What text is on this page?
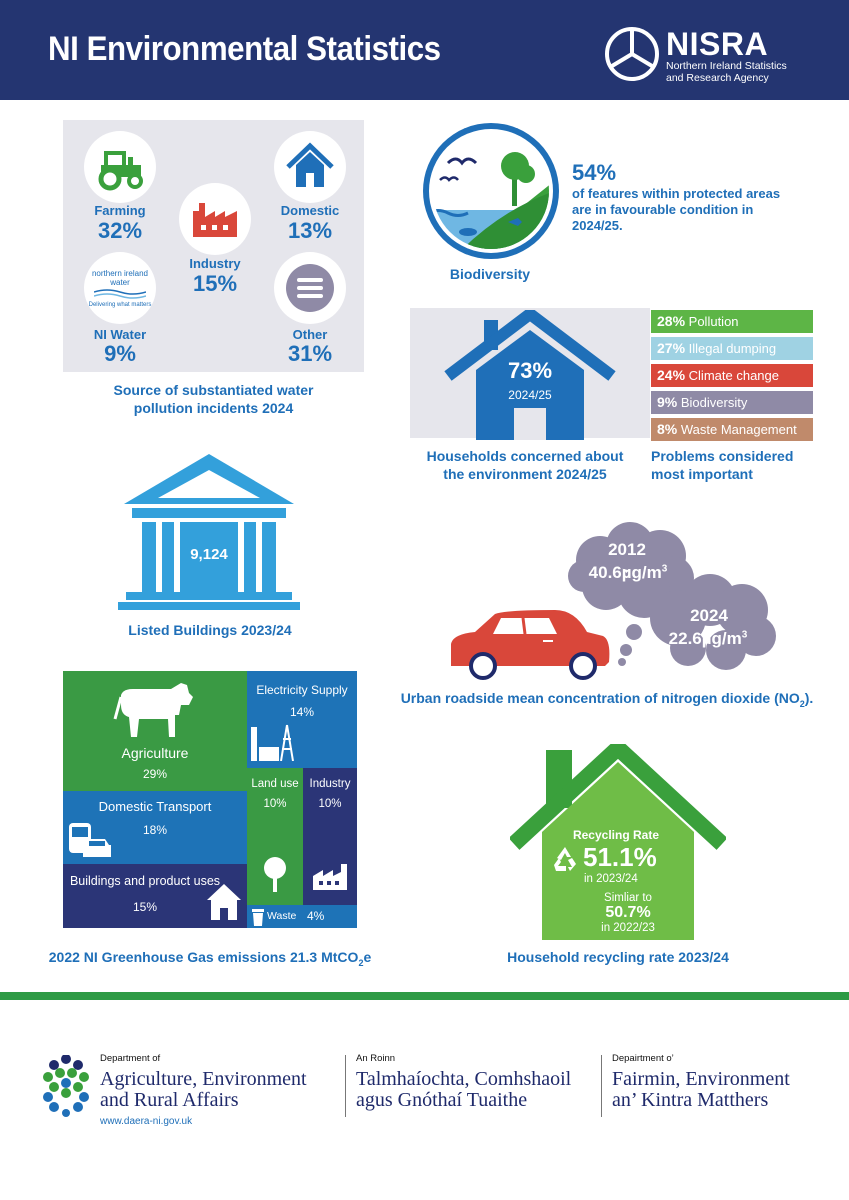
NI Environmental Statistics	NISRA
Northern Ireland Statistics
and Research Agency
Farming
32%
Industry
15%
Domestic
13%
northern ireland
water
Delivering what matters
NI Water
9%
Other
31%
Source of substantiated water
pollution incidents 2024
54%
of features within protected areas
are in favourable condition in
2024/25.
Biodiversity
73%
2024/25
Households concerned about
the environment 2024/25
28% Pollution
27% Illegal dumping
24% Climate change
9% Biodiversity
8% Waste Management
Problems considered
most important
9,124
Listed Buildings 2023/24
2012
$40.6\mu g/m^3$
2024
$22.6\mu g/m^3$
Urban roadside mean concentration of nitrogen dioxide $(NO_2)$.
Agriculture
29%
Electricity Supply
14%
Land use
10%
Industry
10%
Domestic Transport
18%
Buildings and product uses
15%
Waste 4%
2022 NI Greenhouse Gas emissions 21.3 MtCO$_2$e
Recycling Rate
51.1%
in 2023/24
Simliar to
50.7%
in 2022/23
Household recycling rate 2023/24
Department of
Agriculture, Environment
and Rural Affairs
www.daera-ni.gov.uk
An Roinn
Talmhaíochta, Comhshaoil
agus Gnóthaí Tuaithe
Depairtment o’
Fairmin, Environment
an’ Kintra Matthers
